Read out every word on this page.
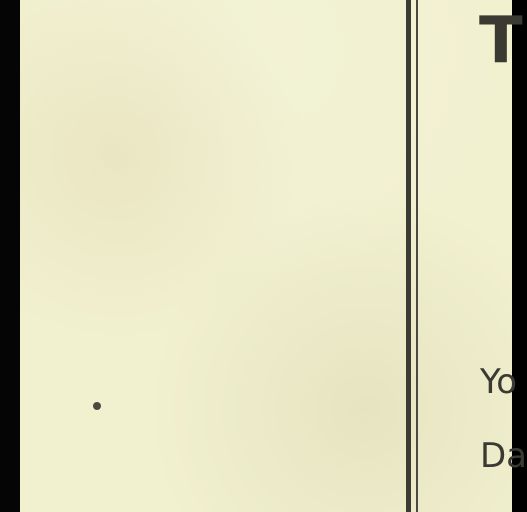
T
Yo
Da
